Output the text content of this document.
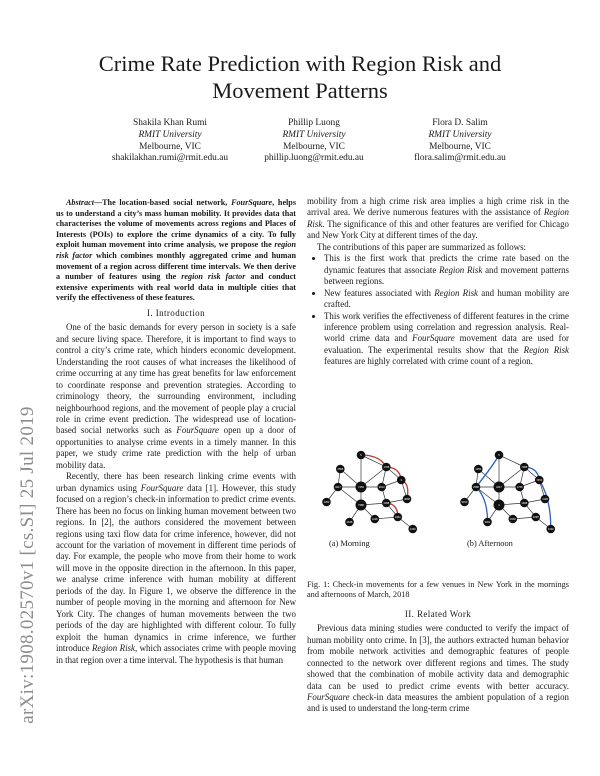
arXiv:1908.02570v1 [cs.SI] 25 Jul 2019
Crime Rate Prediction with Region Risk and
Movement Patterns
Shakila Khan Rumi
RMIT University
Melbourne, VIC
shakilakhan.rumi@rmit.edu.au
Phillip Luong
RMIT University
Melbourne, VIC
phillip.luong@rmit.edu.au
Flora D. Salim
RMIT University
Melbourne, VIC
flora.salim@rmit.edu.au

Abstract—The location-based social network, FourSquare, helps us to understand a city’s mass human mobility. It provides data that characterises the volume of movements across regions and Places of Interests (POIs) to explore the crime dynamics of a city. To fully exploit human movement into crime analysis, we propose the region risk factor which combines monthly aggregated crime and human movement of a region across different time intervals. We then derive a number of features using the region risk factor and conduct extensive experiments with real world data in multiple cities that verify the effectiveness of these features.

I. Introduction

One of the basic demands for every person in society is a safe and secure living space. Therefore, it is important to find ways to control a city’s crime rate, which hinders economic development. Understanding the root causes of what increases the likelihood of crime occurring at any time has great benefits for law enforcement to coordinate response and prevention strategies. According to criminology theory, the surrounding environment, including neighbourhood regions, and the movement of people play a crucial role in crime event prediction. The widespread use of location-based social networks such as FourSquare open up a door of opportunities to analyse crime events in a timely manner. In this paper, we study crime rate prediction with the help of urban mobility data.

Recently, there has been research linking crime events with urban dynamics using FourSquare data [1]. However, this study focused on a region’s check-in information to predict crime events. There has been no focus on linking human movement between two regions. In [2], the authors considered the movement between regions using taxi flow data for crime inference, however, did not account for the variation of movement in different time periods of day. For example, the people who move from their home to work will move in the opposite direction in the afternoon. In this paper, we analyse crime inference with human mobility at different periods of the day. In Figure 1, we observe the difference in the number of people moving in the morning and afternoon for New York City. The changes of human movements between the two periods of the day are highlighted with different colour. To fully exploit the human dynamics in crime inference, we further introduce Region Risk, which associates crime with people moving in that region over a time interval. The hypothesis is that human

mobility from a high crime risk area implies a high crime risk in the arrival area. We derive numerous features with the assistance of Region Risk. The significance of this and other features are verified for Chicago and New York City at different times of the day.

The contributions of this paper are summarized as follows:

• This is the first work that predicts the crime rate based on the dynamic features that associate Region Risk and movement patterns between regions.
• New features associated with Region Risk and human mobility are crafted.
• This work verifies the effectiveness of different features in the crime inference problem using correlation and regression analysis. Real-world crime data and FourSquare movement data are used for evaluation. The experimental results show that the Region Risk features are highly correlated with crime count of a region.
5
2588
1768
7453
3417	9013
3
1350
7388
4098
4068
2648
1108
3301
1349
5
1350
7388
3417
2588	1768
7453
9013
3
4098
1108
3301
2648
4068
1349
(a) Morning	(b) Afternoon

Fig. 1: Check-in movements for a few venues in New York in the mornings and afternoons of March, 2018

II. Related Work

Previous data mining studies were conducted to verify the impact of human mobility onto crime. In [3], the authors extracted human behavior from mobile network activities and demographic features of people connected to the network over different regions and times. The study showed that the combination of mobile activity data and demographic data can be used to predict crime events with better accuracy. FourSquare check-in data measures the ambient population of a region and is used to understand the long-term crime
